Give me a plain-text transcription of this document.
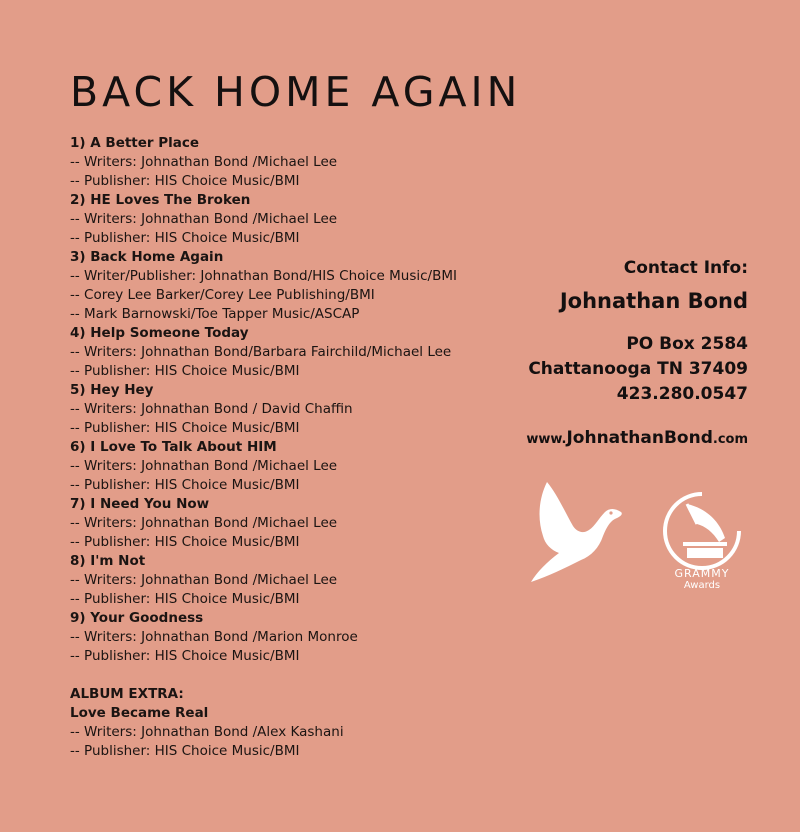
BACK HOME AGAIN
1) A Better Place
-- Writers: Johnathan Bond /Michael Lee
-- Publisher: HIS Choice Music/BMI
2) HE Loves The Broken
-- Writers: Johnathan Bond /Michael Lee
-- Publisher: HIS Choice Music/BMI
3) Back Home Again
-- Writer/Publisher: Johnathan Bond/HIS Choice Music/BMI
-- Corey Lee Barker/Corey Lee Publishing/BMI
-- Mark Barnowski/Toe Tapper Music/ASCAP
4) Help Someone Today
-- Writers: Johnathan Bond/Barbara Fairchild/Michael Lee
-- Publisher: HIS Choice Music/BMI
5) Hey Hey
-- Writers: Johnathan Bond / David Chaffin
-- Publisher: HIS Choice Music/BMI
6) I Love To Talk About HIM
-- Writers: Johnathan Bond /Michael Lee
-- Publisher: HIS Choice Music/BMI
7) I Need You Now
-- Writers: Johnathan Bond /Michael Lee
-- Publisher: HIS Choice Music/BMI
8) I'm Not
-- Writers: Johnathan Bond /Michael Lee
-- Publisher: HIS Choice Music/BMI
9) Your Goodness
-- Writers: Johnathan Bond /Marion Monroe
-- Publisher: HIS Choice Music/BMI
ALBUM EXTRA:
Love Became Real
-- Writers: Johnathan Bond /Alex Kashani
-- Publisher: HIS Choice Music/BMI
Contact Info:
Johnathan Bond
PO Box 2584
Chattanooga TN 37409
423.280.0547
www.JohnathanBond.com
GRAMMY
Awards
